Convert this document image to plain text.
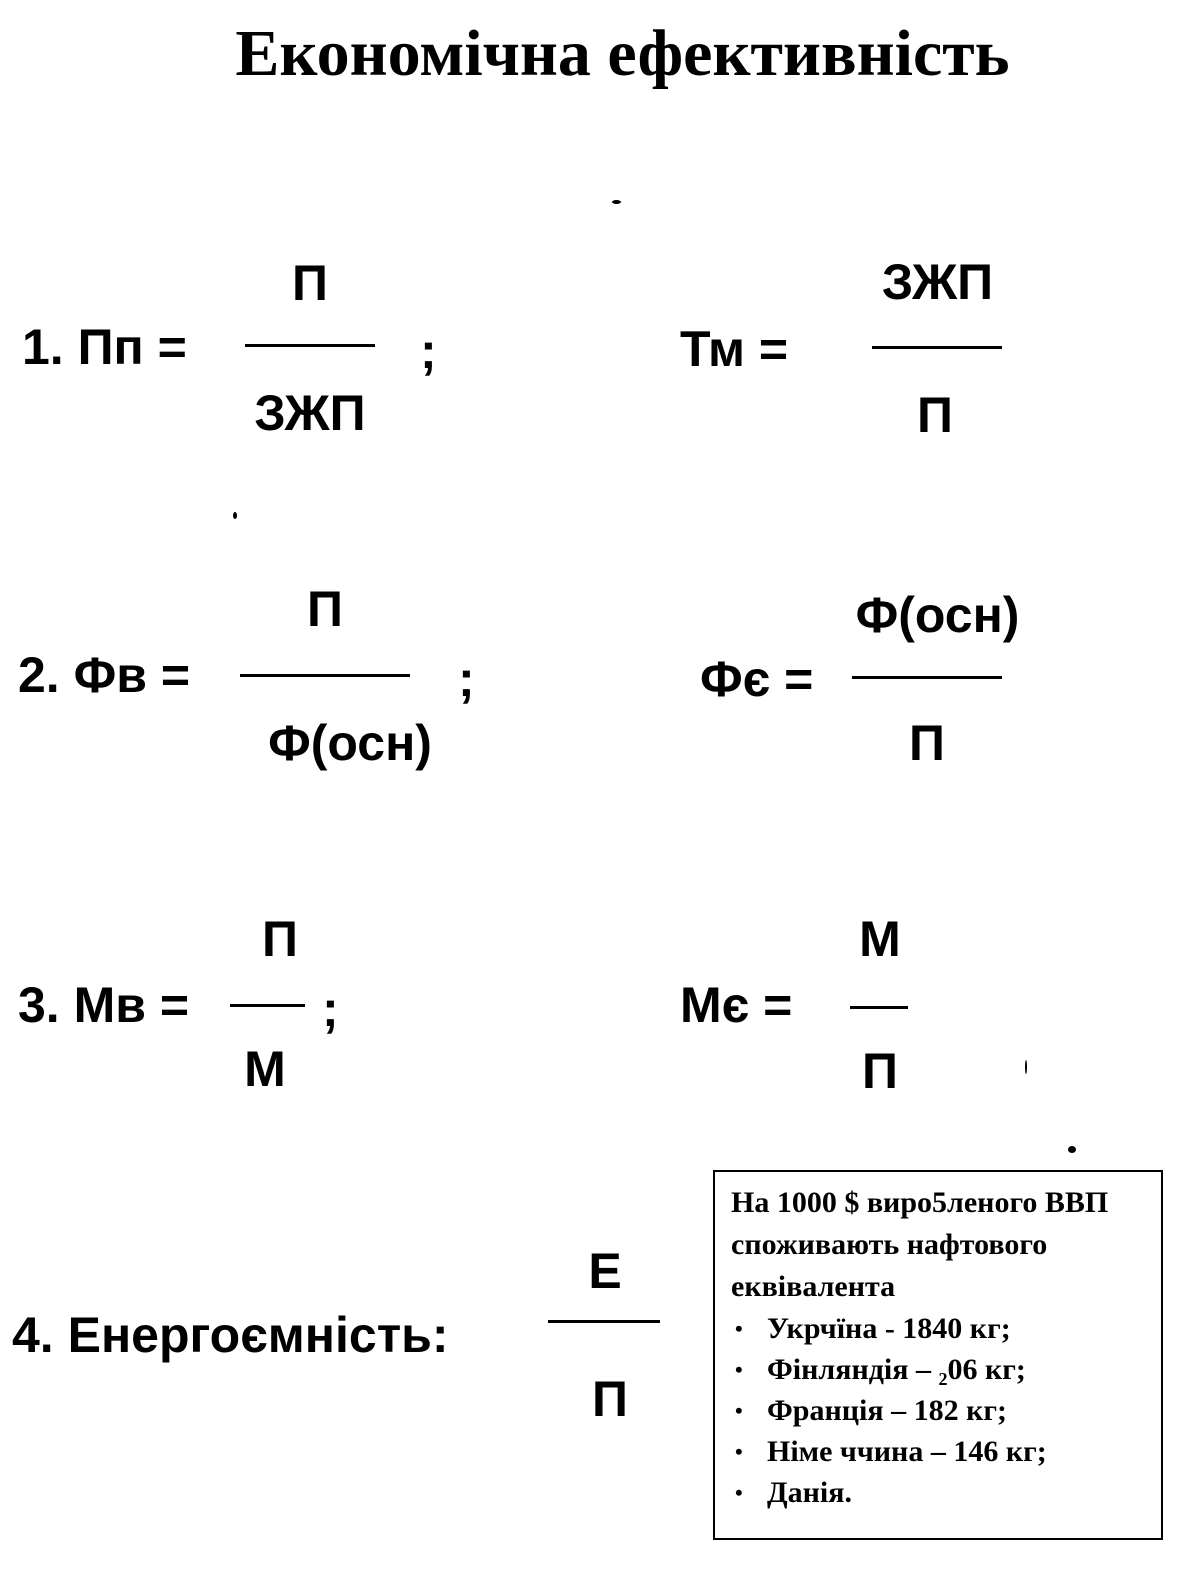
Економічна ефективність
1. Пп =
П
ЗЖП
;	Тм =
ЗЖП
П
2. Фв =
П
Ф(осн)
;	Фє =
Ф(осн)
П
3. Мв =
П
М
;	Мє =
М
П
4. Енергоємність:
Е
П
На 1000 $ виро5леного ВВП споживають нафтового еквівалента
• Укрчїна - 1840 кг;
• Фінляндія – ₂06 кг;
• Франція – 182 кг;
• Німе ччина – 146 кг;
• Данія.
